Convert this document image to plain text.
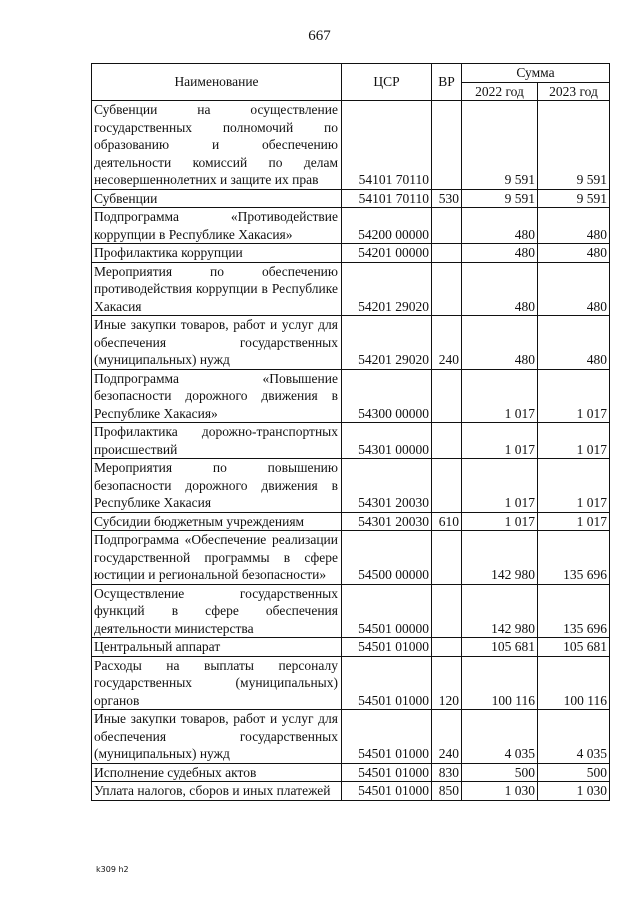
667
Наименование	ЦСР	ВР	Сумма	
			2022 год	2023 год
Субвенции на осуществление государственных полномочий по образованию и обеспечению деятельности комиссий по делам несовершеннолетних и защите их прав	54101 70110		9 591	9 591
Субвенции	54101 70110	530	9 591	9 591
Подпрограмма «Противодействие коррупции в Республике Хакасия»	54200 00000		480	480
Профилактика коррупции	54201 00000		480	480
Мероприятия по обеспечению противодействия коррупции в Республике Хакасия	54201 29020		480	480
Иные закупки товаров, работ и услуг для обеспечения государственных (муниципальных) нужд	54201 29020	240	480	480
Подпрограмма «Повышение безопасности дорожного движения в Республике Хакасия»	54300 00000		1 017	1 017
Профилактика дорожно-транспортных происшествий	54301 00000		1 017	1 017
Мероприятия по повышению безопасности дорожного движения в Республике Хакасия	54301 20030		1 017	1 017
Субсидии бюджетным учреждениям	54301 20030	610	1 017	1 017
Подпрограмма «Обеспечение реализации государственной программы в сфере юстиции и региональной безопасности»	54500 00000		142 980	135 696
Осуществление государственных функций в сфере обеспечения деятельности министерства	54501 00000		142 980	135 696
Центральный аппарат	54501 01000		105 681	105 681
Расходы на выплаты персоналу государственных (муниципальных) органов	54501 01000	120	100 116	100 116
Иные закупки товаров, работ и услуг для обеспечения государственных (муниципальных) нужд	54501 01000	240	4 035	4 035
Исполнение судебных актов	54501 01000	830	500	500
Уплата налогов, сборов и иных платежей	54501 01000	850	1 030	1 030
k309 h2
